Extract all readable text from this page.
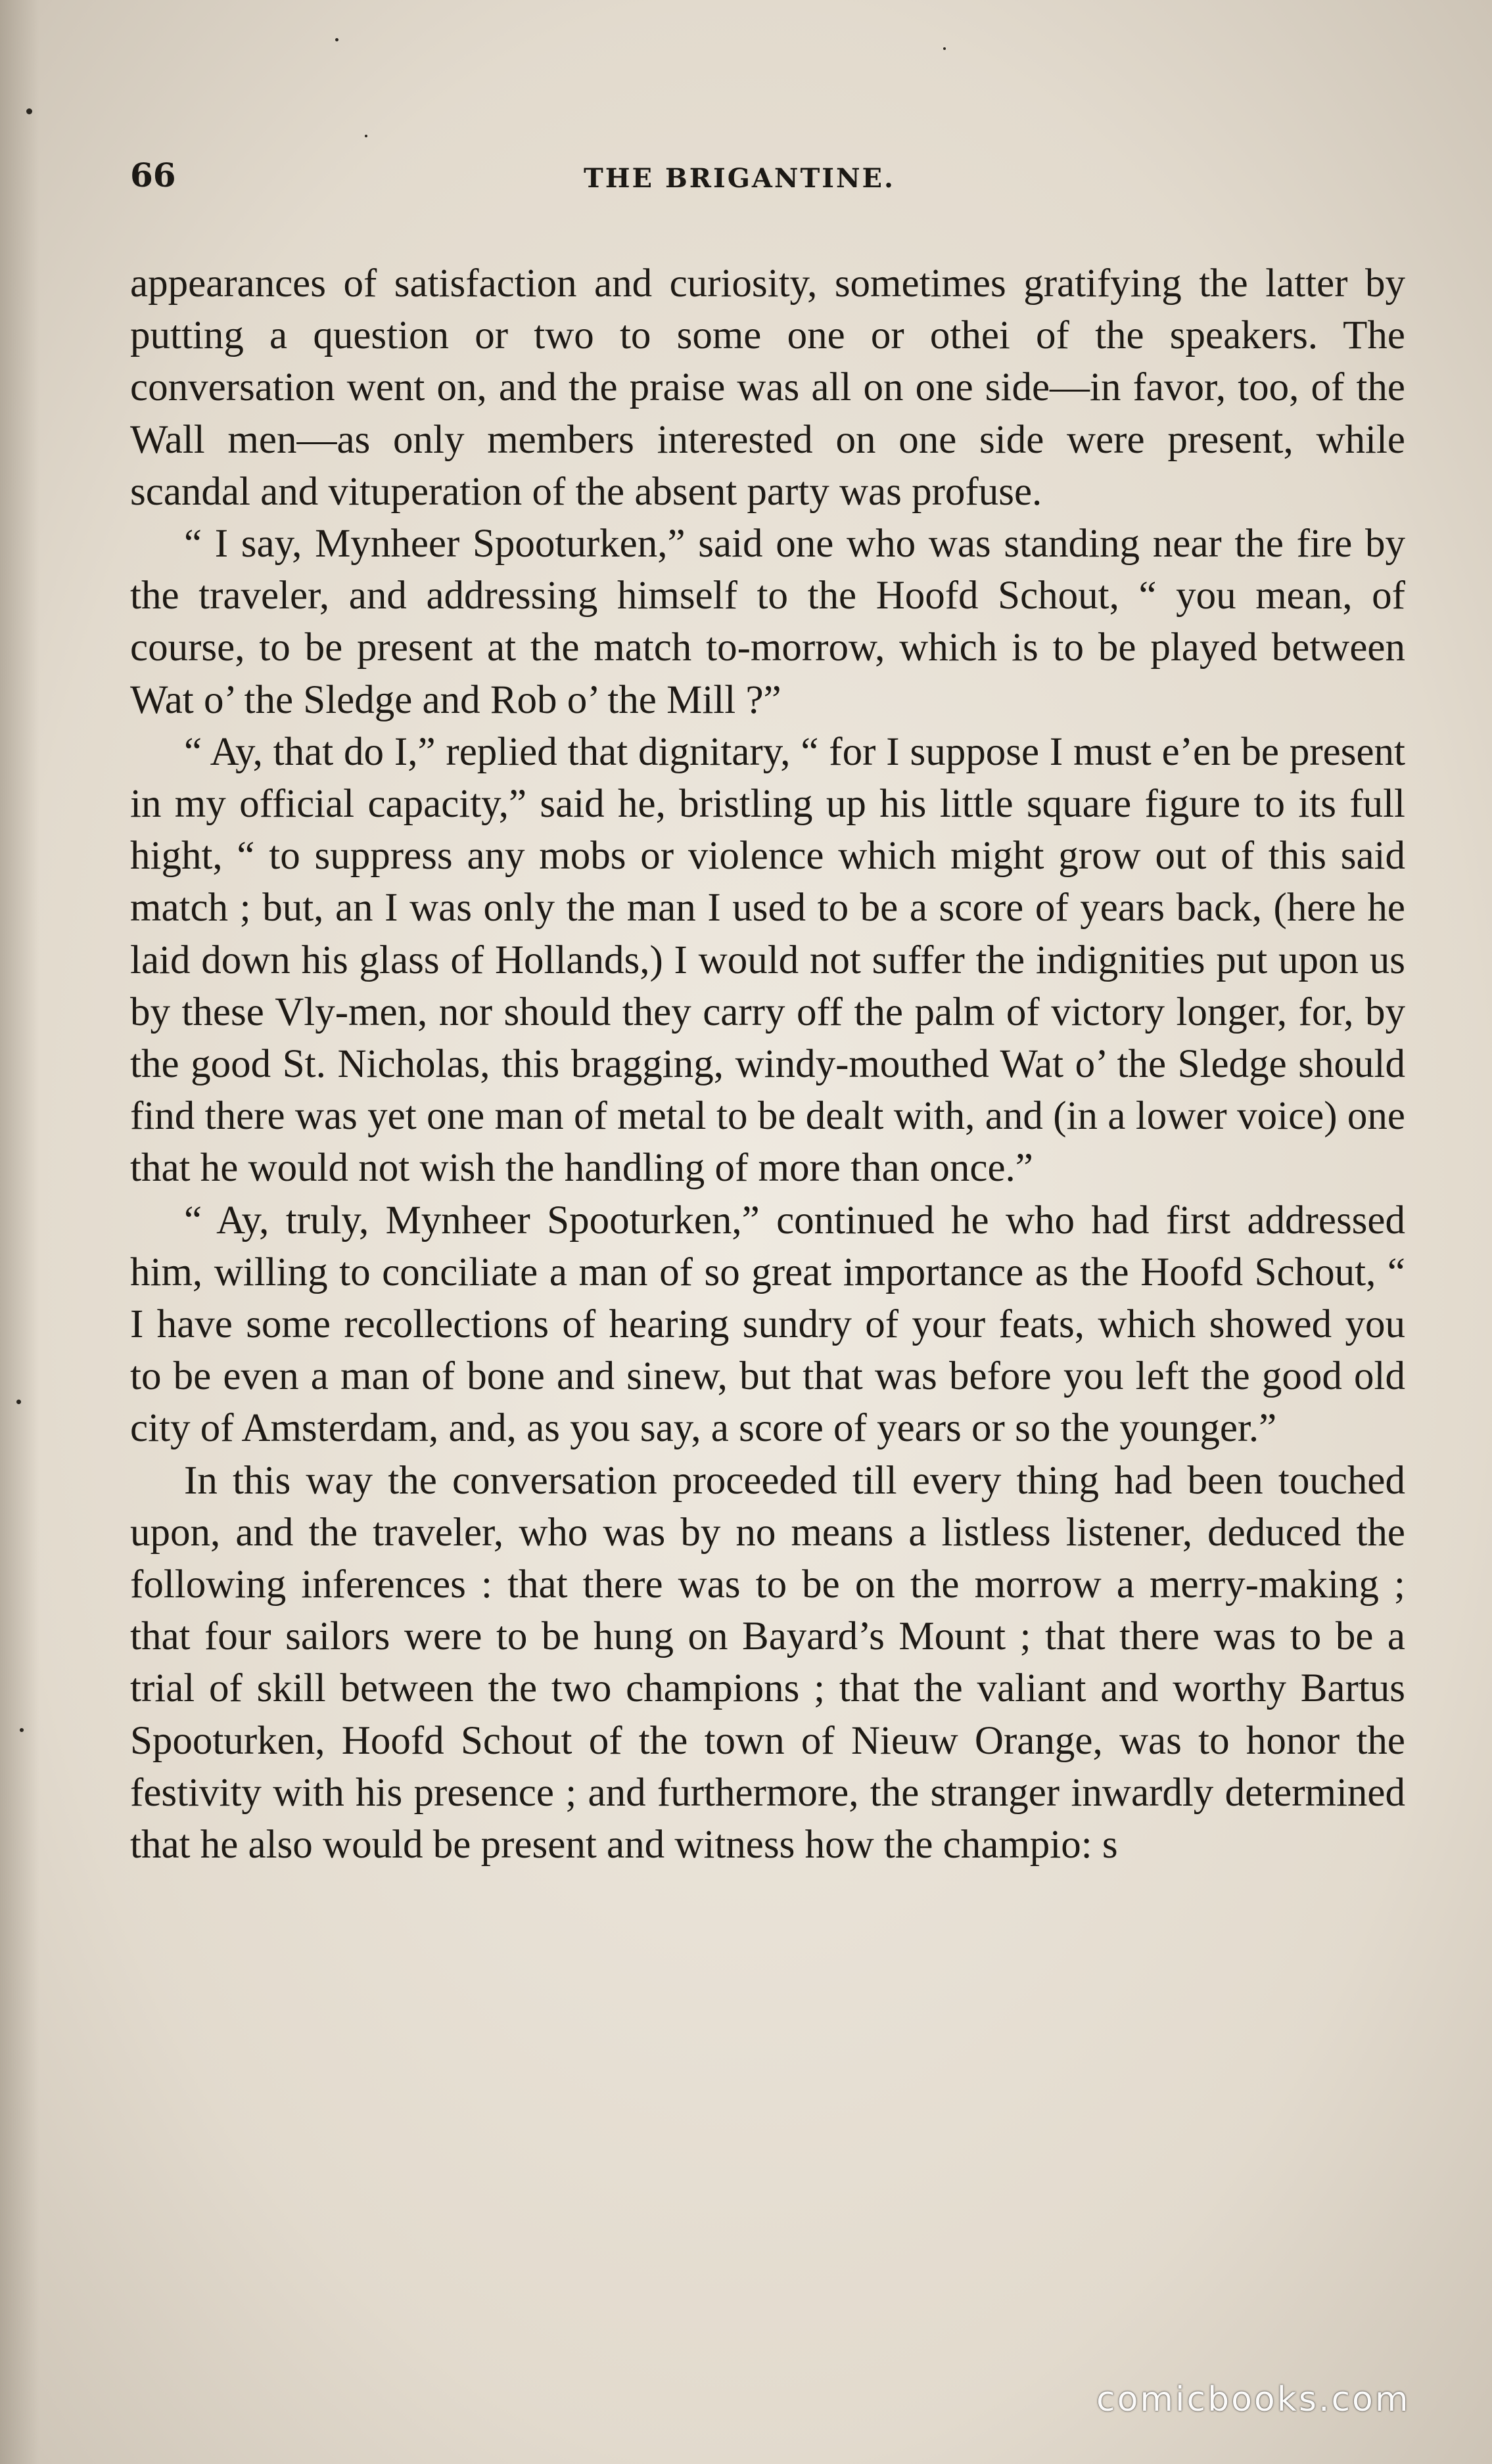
66	THE BRIGANTINE.

appearances of satisfaction and curiosity, sometimes gratifying the latter by putting a question or two to some one or othei of the speakers. The conversation went on, and the praise was all on one side—in favor, too, of the Wall men—as only members interested on one side were present, while scandal and vituperation of the absent party was profuse.

“ I say, Mynheer Spooturken,” said one who was standing near the fire by the traveler, and addressing himself to the Hoofd Schout, “ you mean, of course, to be present at the match to-morrow, which is to be played between Wat o’ the Sledge and Rob o’ the Mill ?”

“ Ay, that do I,” replied that dignitary, “ for I suppose I must e’en be present in my official capacity,” said he, bristling up his little square figure to its full hight, “ to suppress any mobs or violence which might grow out of this said match ; but, an I was only the man I used to be a score of years back, (here he laid down his glass of Hollands,) I would not suffer the indignities put upon us by these Vly-men, nor should they carry off the palm of victory longer, for, by the good St. Nicholas, this bragging, windy-mouthed Wat o’ the Sledge should find there was yet one man of metal to be dealt with, and (in a lower voice) one that he would not wish the handling of more than once.”

“ Ay, truly, Mynheer Spooturken,” continued he who had first addressed him, willing to conciliate a man of so great importance as the Hoofd Schout, “ I have some recollections of hearing sundry of your feats, which showed you to be even a man of bone and sinew, but that was before you left the good old city of Amsterdam, and, as you say, a score of years or so the younger.”

In this way the conversation proceeded till every thing had been touched upon, and the traveler, who was by no means a listless listener, deduced the following inferences : that there was to be on the morrow a merry-making ; that four sailors were to be hung on Bayard’s Mount ; that there was to be a trial of skill between the two champions ; that the valiant and worthy Bartus Spooturken, Hoofd Schout of the town of Nieuw Orange, was to honor the festivity with his presence ; and furthermore, the stranger inwardly determined that he also would be present and witness how the champio: s

comicbooks.com
